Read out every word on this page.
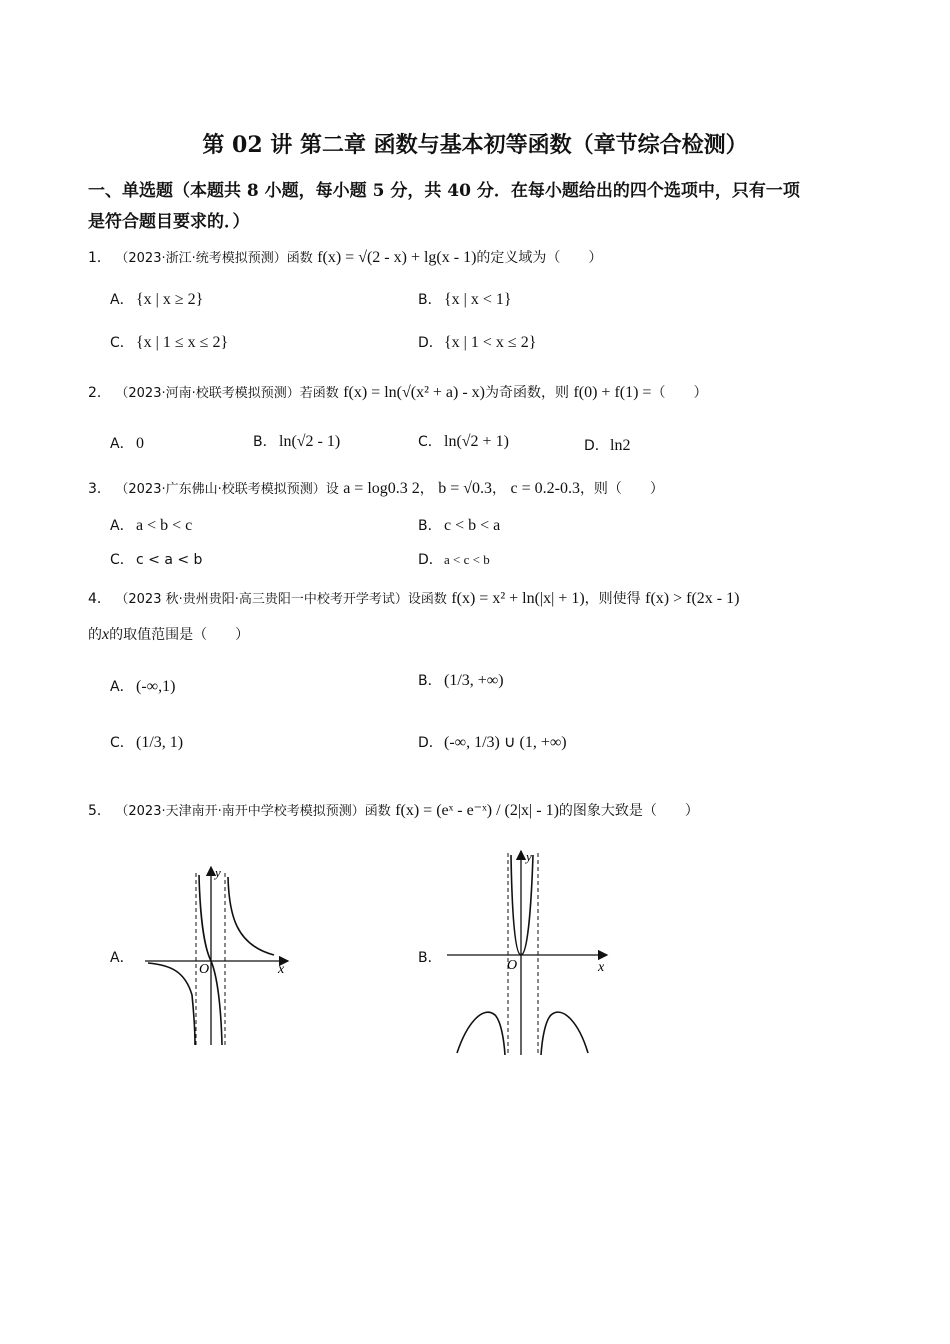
第 02 讲 第二章 函数与基本初等函数（章节综合检测）
一、单选题（本题共 8 小题，每小题 5 分，共 40 分．在每小题给出的四个选项中，只有一项
是符合题目要求的．）
1． （2023·浙江·统考模拟预测）函数 f(x) = √(2 - x) + lg(x - 1)的定义域为（　　）
A． {x | x ≥ 2}	B． {x | x < 1}
C． {x | 1 ≤ x ≤ 2}	D．{x | 1 < x ≤ 2}
2． （2023·河南·校联考模拟预测）若函数 f(x) = ln(√(x² + a) - x)为奇函数，则 f(0) + f(1) =（　　）
A． 0	B． ln(√2 - 1)	C． ln(√2 + 1)	D．ln2
3． （2023·广东佛山·校联考模拟预测）设 a = log0.3 2， b = √0.3， c = 0.2-0.3，则（　　）
A． a < b < c	B． c < b < a
C． c < a < b	D．a < c < b
4． （2023 秋·贵州贵阳·高三贵阳一中校考开学考试）设函数 f(x) = x² + ln(|x| + 1)，则使得 f(x) > f(2x - 1)
的x的取值范围是（　　）
A． (-∞,1)	B． (1/3, +∞)
C． (1/3, 1)	D．(-∞, 1/3) ∪ (1, +∞)
5． （2023·天津南开·南开中学校考模拟预测）函数 f(x) = (eˣ - e⁻ˣ) / (2|x| - 1)的图象大致是（　　）
A．	B．
O	x
y
O	x
y
